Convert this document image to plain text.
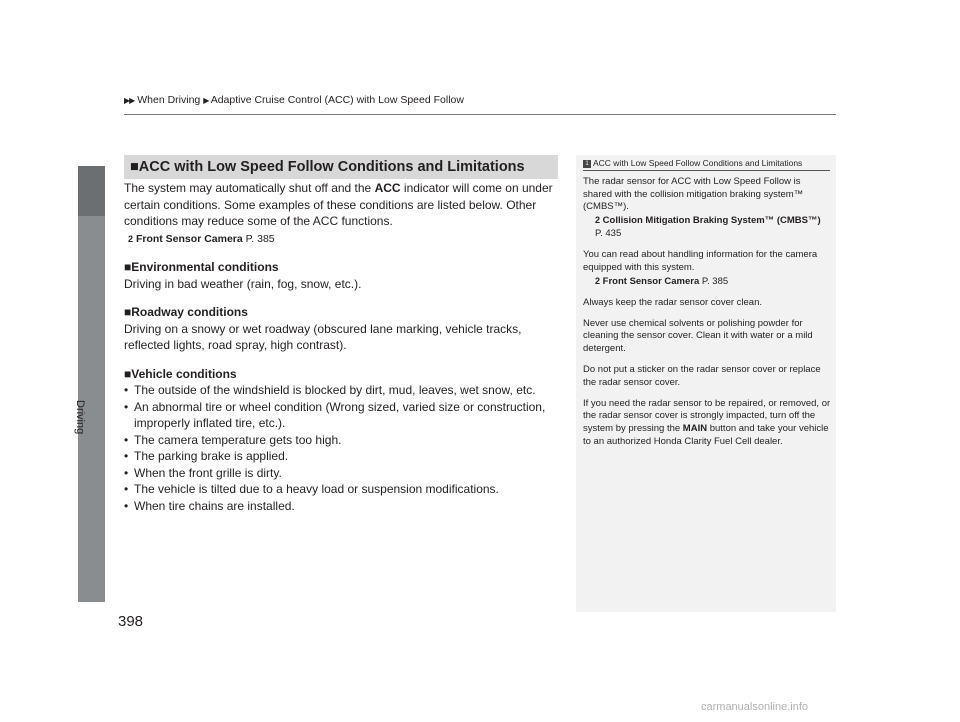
▶▶ When Driving ▶ Adaptive Cruise Control (ACC) with Low Speed Follow
Driving
398
■ACC with Low Speed Follow Conditions and Limitations

The system may automatically shut off and the ACC indicator will come on under certain conditions. Some examples of these conditions are listed below. Other conditions may reduce some of the ACC functions.

2 Front Sensor Camera P. 385
■Environmental conditions

Driving in bad weather (rain, fog, snow, etc.).

■Roadway conditions

Driving on a snowy or wet roadway (obscured lane marking, vehicle tracks, reflected lights, road spray, high contrast).

■Vehicle conditions
• The outside of the windshield is blocked by dirt, mud, leaves, wet snow, etc.
• An abnormal tire or wheel condition (Wrong sized, varied size or construction, improperly inflated tire, etc.).
• The camera temperature gets too high.
• The parking brake is applied.
• When the front grille is dirty.
• The vehicle is tilted due to a heavy load or suspension modifications.
• When tire chains are installed.
1 ACC with Low Speed Follow Conditions and Limitations

The radar sensor for ACC with Low Speed Follow is shared with the collision mitigation braking system™ (CMBS™).

2 Collision Mitigation Braking System™ (CMBS™) P. 435

You can read about handling information for the camera equipped with this system.

2 Front Sensor Camera P. 385

Always keep the radar sensor cover clean.

Never use chemical solvents or polishing powder for cleaning the sensor cover. Clean it with water or a mild detergent.

Do not put a sticker on the radar sensor cover or replace the radar sensor cover.

If you need the radar sensor to be repaired, or removed, or the radar sensor cover is strongly impacted, turn off the system by pressing the MAIN button and take your vehicle to an authorized Honda Clarity Fuel Cell dealer.

carmanualsonline.info
